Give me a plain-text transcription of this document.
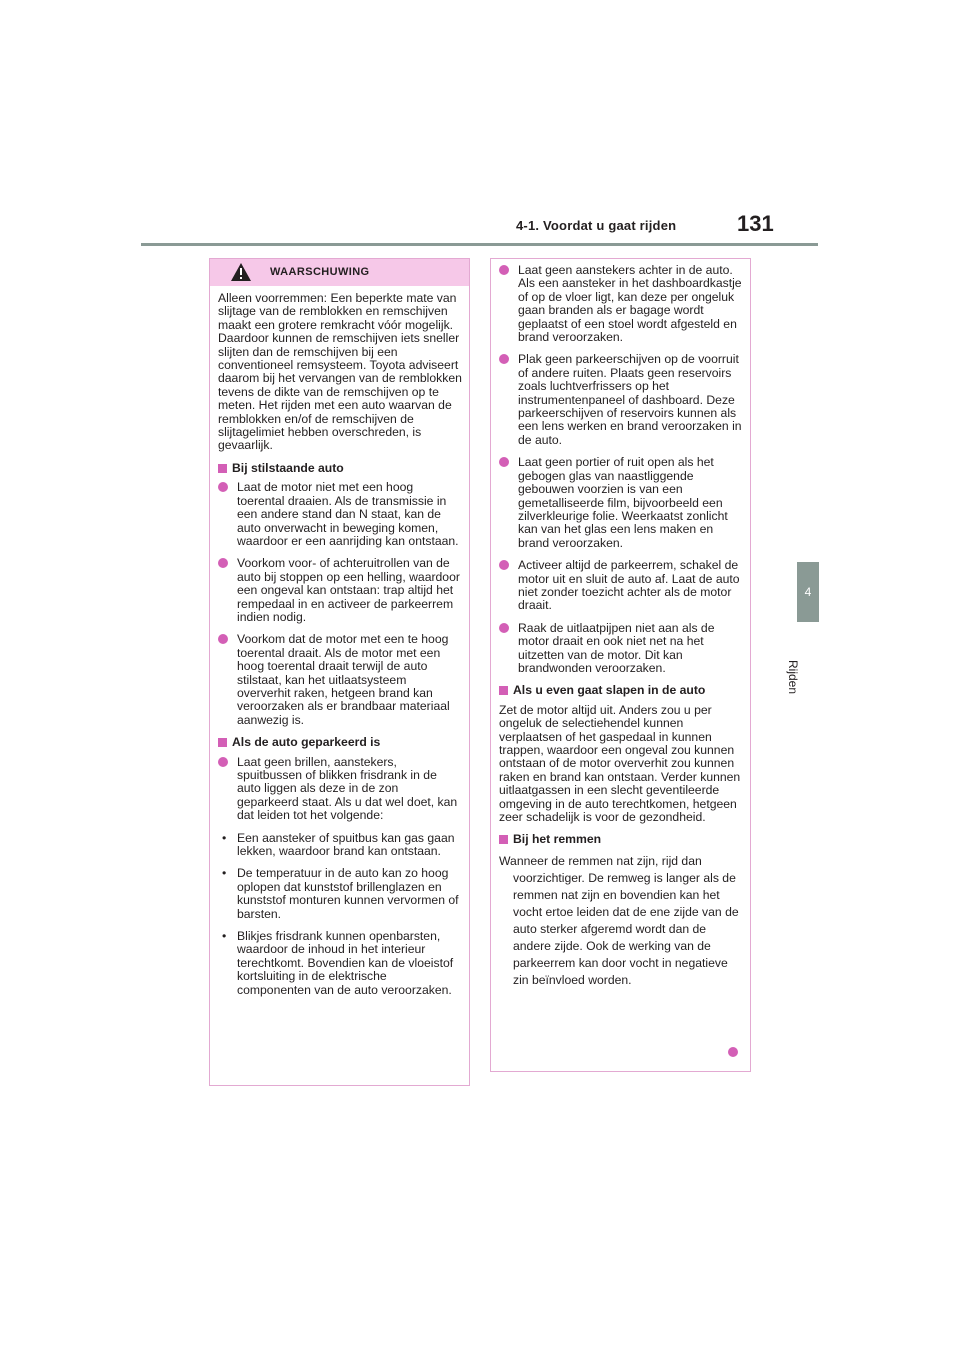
4-1. Voordat u gaat rijden	131
4
Rijden
WAARSCHUWING

Alleen voorremmen: Een beperkte mate van slijtage van de remblokken en remschijven maakt een grotere remkracht vóór mogelijk. Daardoor kunnen de remschijven iets sneller slijten dan de remschijven bij een conventioneel remsysteem. Toyota adviseert daarom bij het vervangen van de remblokken tevens de dikte van de remschijven op te meten. Het rijden met een auto waarvan de remblokken en/of de remschijven de slijtagelimiet hebben overschreden, is gevaarlijk.

Bij stilstaande auto
Laat de motor niet met een hoog toerental draaien. Als de transmissie in een andere stand dan N staat, kan de auto onverwacht in beweging komen, waardoor er een aanrijding kan ontstaan.
Voorkom voor- of achteruitrollen van de auto bij stoppen op een helling, waardoor een ongeval kan ontstaan: trap altijd het rempedaal in en activeer de parkeerrem indien nodig.
Voorkom dat de motor met een te hoog toerental draait. Als de motor met een hoog toerental draait terwijl de auto stilstaat, kan het uitlaatsysteem oververhit raken, hetgeen brand kan veroorzaken als er brandbaar materiaal aanwezig is.
Als de auto geparkeerd is
Laat geen brillen, aanstekers, spuitbussen of blikken frisdrank in de auto liggen als deze in de zon geparkeerd staat. Als u dat wel doet, kan dat leiden tot het volgende:
• Een aansteker of spuitbus kan gas gaan lekken, waardoor brand kan ontstaan.
• De temperatuur in de auto kan zo hoog oplopen dat kunststof brillenglazen en kunststof monturen kunnen vervormen of barsten.
• Blikjes frisdrank kunnen openbarsten, waardoor de inhoud in het interieur terechtkomt. Bovendien kan de vloeistof kortsluiting in de elektrische componenten van de auto veroorzaken.
Laat geen aanstekers achter in de auto. Als een aansteker in het dashboardkastje of op de vloer ligt, kan deze per ongeluk gaan branden als er bagage wordt geplaatst of een stoel wordt afgesteld en brand veroorzaken.
Plak geen parkeerschijven op de voorruit of andere ruiten. Plaats geen reservoirs zoals luchtverfrissers op het instrumentenpaneel of dashboard. Deze parkeerschijven of reservoirs kunnen als een lens werken en brand veroorzaken in de auto.
Laat geen portier of ruit open als het gebogen glas van naastliggende gebouwen voorzien is van een gemetalliseerde film, bijvoorbeeld een zilverkleurige folie. Weerkaatst zonlicht kan van het glas een lens maken en brand veroorzaken.
Activeer altijd de parkeerrem, schakel de motor uit en sluit de auto af. Laat de auto niet zonder toezicht achter als de motor draait.
Raak de uitlaatpijpen niet aan als de motor draait en ook niet net na het uitzetten van de motor. Dit kan brandwonden veroorzaken.
Als u even gaat slapen in de auto

Zet de motor altijd uit. Anders zou u per ongeluk de selectiehendel kunnen verplaatsen of het gaspedaal in kunnen trappen, waardoor een ongeval zou kunnen ontstaan of de motor oververhit zou kunnen raken en brand kan ontstaan. Verder kunnen uitlaatgassen in een slecht geventileerde omgeving in de auto terechtkomen, hetgeen zeer schadelijk is voor de gezondheid.

Bij het remmen
Wanneer de remmen nat zijn, rijd dan
voorzichtiger. De remweg is langer als de remmen nat zijn en bovendien kan het vocht ertoe leiden dat de ene zijde van de auto sterker afgeremd wordt dan de andere zijde. Ook de werking van de parkeerrem kan door vocht in negatieve zin beïnvloed worden.
